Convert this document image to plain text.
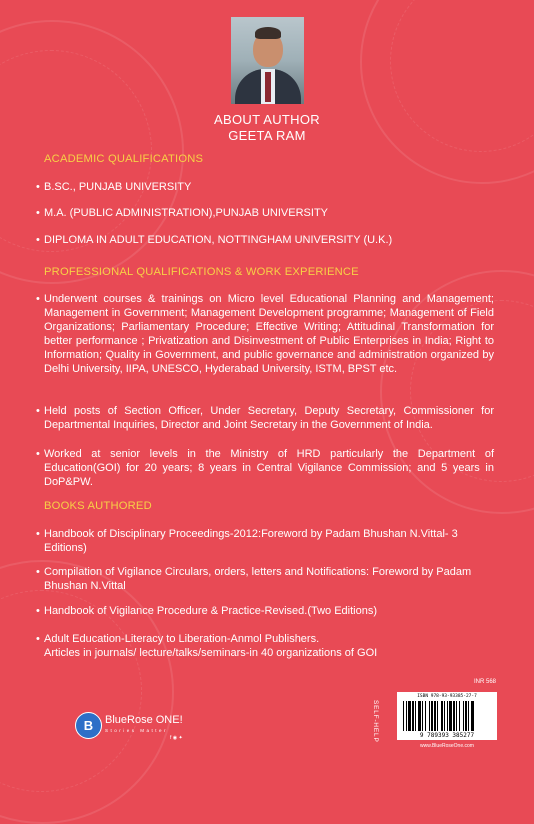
ABOUT AUTHOR
GEETA RAM
ACADEMIC QUALIFICATIONS
• B.SC., PUNJAB UNIVERSITY
• M.A. (PUBLIC ADMINISTRATION),PUNJAB UNIVERSITY
• DIPLOMA IN ADULT EDUCATION, NOTTINGHAM UNIVERSITY (U.K.)
PROFESSIONAL QUALIFICATIONS & WORK EXPERIENCE
• Underwent courses & trainings on Micro level Educational Planning and Management; Management in Government; Management Development programme; Management of Field Organizations; Parliamentary Procedure; Effective Writing; Attitudinal Transformation for better performance ; Privatization and Disinvestment of Public Enterprises in India; Right to Information; Quality in Government, and public governance and administration organized by Delhi University, IIPA, UNESCO, Hyderabad University, ISTM, BPST etc.
• Held posts of Section Officer, Under Secretary, Deputy Secretary, Commissioner for Departmental Inquiries, Director and Joint Secretary in the Government of India.
• Worked at senior levels in the Ministry of HRD particularly the Department of Education(GOI) for 20 years; 8 years in Central Vigilance Commission; and 5 years in DoP&PW.
BOOKS AUTHORED
• Handbook of Disciplinary Proceedings-2012:Foreword by Padam Bhushan N.Vittal- 3 Editions)
• Compilation of Vigilance Circulars, orders, letters and Notifications: Foreword by Padam Bhushan N.Vittal
• Handbook of Vigilance Procedure & Practice-Revised.(Two Editions)
• Adult Education-Literacy to Liberation-Anmol Publishers.
Articles in journals/ lecture/talks/seminars-in 40 organizations of GOI
B	BlueRose ONE!
Stories Matter
f ◉ ✦
INR 568
SELF-HELP
ISBN 978-93-93385-27-7
9 789393 385277
www.BlueRoseOne.com
